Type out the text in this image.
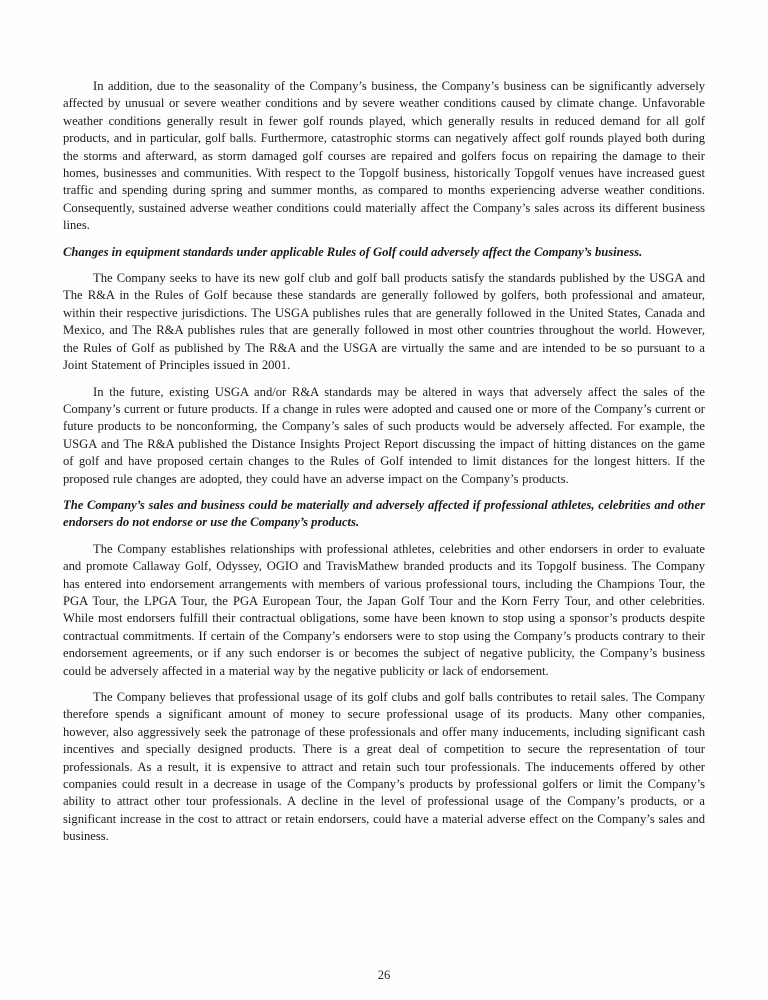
In addition, due to the seasonality of the Company’s business, the Company’s business can be significantly adversely affected by unusual or severe weather conditions and by severe weather conditions caused by climate change. Unfavorable weather conditions generally result in fewer golf rounds played, which generally results in reduced demand for all golf products, and in particular, golf balls. Furthermore, catastrophic storms can negatively affect golf rounds played both during the storms and afterward, as storm damaged golf courses are repaired and golfers focus on repairing the damage to their homes, businesses and communities. With respect to the Topgolf business, historically Topgolf venues have increased guest traffic and spending during spring and summer months, as compared to months experiencing adverse weather conditions. Consequently, sustained adverse weather conditions could materially affect the Company’s sales across its different business lines.

Changes in equipment standards under applicable Rules of Golf could adversely affect the Company’s business.

The Company seeks to have its new golf club and golf ball products satisfy the standards published by the USGA and The R&A in the Rules of Golf because these standards are generally followed by golfers, both professional and amateur, within their respective jurisdictions. The USGA publishes rules that are generally followed in the United States, Canada and Mexico, and The R&A publishes rules that are generally followed in most other countries throughout the world. However, the Rules of Golf as published by The R&A and the USGA are virtually the same and are intended to be so pursuant to a Joint Statement of Principles issued in 2001.

In the future, existing USGA and/or R&A standards may be altered in ways that adversely affect the sales of the Company’s current or future products. If a change in rules were adopted and caused one or more of the Company’s current or future products to be nonconforming, the Company’s sales of such products would be adversely affected. For example, the USGA and The R&A published the Distance Insights Project Report discussing the impact of hitting distances on the game of golf and have proposed certain changes to the Rules of Golf intended to limit distances for the longest hitters. If the proposed rule changes are adopted, they could have an adverse impact on the Company’s products.

The Company’s sales and business could be materially and adversely affected if professional athletes, celebrities and other endorsers do not endorse or use the Company’s products.

The Company establishes relationships with professional athletes, celebrities and other endorsers in order to evaluate and promote Callaway Golf, Odyssey, OGIO and TravisMathew branded products and its Topgolf business. The Company has entered into endorsement arrangements with members of various professional tours, including the Champions Tour, the PGA Tour, the LPGA Tour, the PGA European Tour, the Japan Golf Tour and the Korn Ferry Tour, and other celebrities. While most endorsers fulfill their contractual obligations, some have been known to stop using a sponsor’s products despite contractual commitments. If certain of the Company’s endorsers were to stop using the Company’s products contrary to their endorsement agreements, or if any such endorser is or becomes the subject of negative publicity, the Company’s business could be adversely affected in a material way by the negative publicity or lack of endorsement.

The Company believes that professional usage of its golf clubs and golf balls contributes to retail sales. The Company therefore spends a significant amount of money to secure professional usage of its products. Many other companies, however, also aggressively seek the patronage of these professionals and offer many inducements, including significant cash incentives and specially designed products. There is a great deal of competition to secure the representation of tour professionals. As a result, it is expensive to attract and retain such tour professionals. The inducements offered by other companies could result in a decrease in usage of the Company’s products by professional golfers or limit the Company’s ability to attract other tour professionals. A decline in the level of professional usage of the Company’s products, or a significant increase in the cost to attract or retain endorsers, could have a material adverse effect on the Company’s sales and business.

26
